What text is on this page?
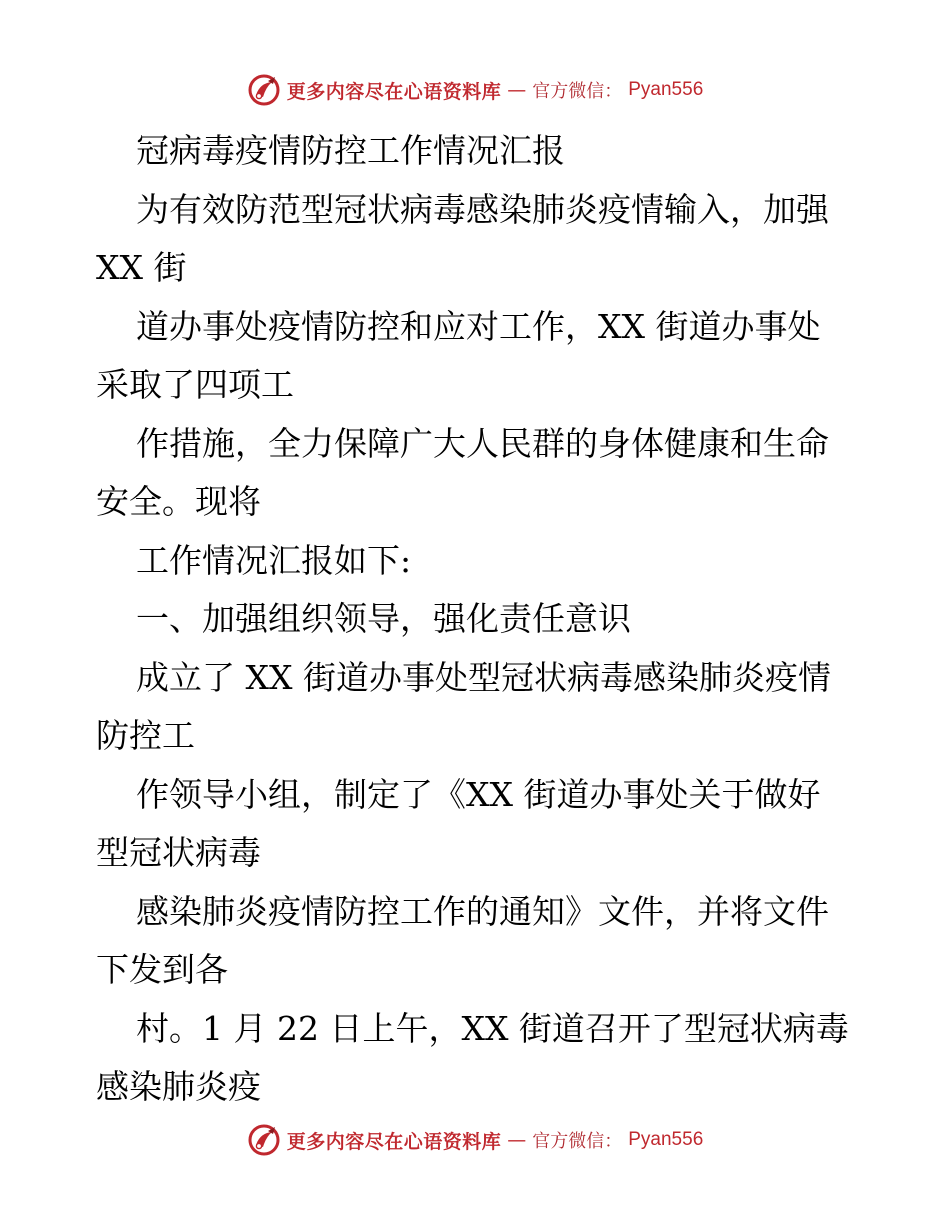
更多内容尽在心语资料库 — 官方微信： Pyan556
冠病毒疫情防控工作情况汇报
为有效防范型冠状病毒感染肺炎疫情输入，加强
XX 街
道办事处疫情防控和应对工作，XX 街道办事处
采取了四项工
作措施，全力保障广大人民群的身体健康和生命
安全。现将
工作情况汇报如下:
一、加强组织领导，强化责任意识
成立了 XX 街道办事处型冠状病毒感染肺炎疫情
防控工
作领导小组，制定了《XX 街道办事处关于做好
型冠状病毒
感染肺炎疫情防控工作的通知》文件，并将文件
下发到各
村。1 月 22 日上午，XX 街道召开了型冠状病毒
感染肺炎疫
更多内容尽在心语资料库 — 官方微信： Pyan556
